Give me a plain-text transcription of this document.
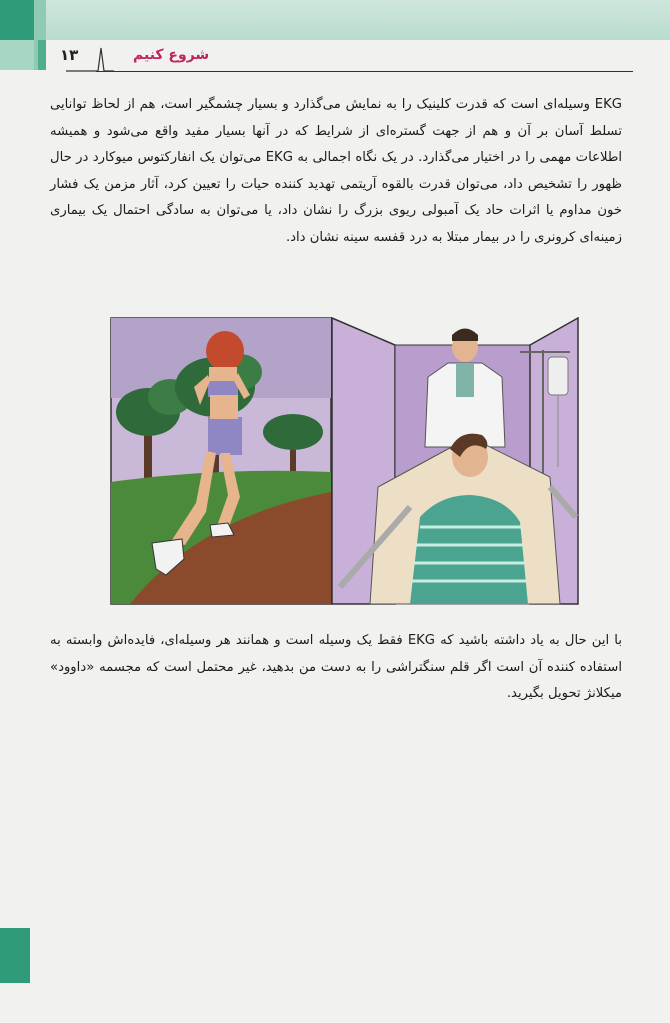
۱۳	شروع کنیم

EKG وسیله‌ای است که قدرت کلینیک را به نمایش می‌گذارد و بسیار چشمگیر است، هم از لحاظ توانایی تسلط آسان بر آن و هم از جهت گستره‌ای از شرایط که در آنها بسیار مفید واقع می‌شود و همیشه اطلاعات مهمی را در اختیار می‌گذارد. در یک نگاه اجمالی به EKG می‌توان یک انفارکتوس میوکارد در حال ظهور را تشخیص داد، می‌توان قدرت بالقوه آریتمی تهدید کننده حیات را تعیین کرد، آثار مزمن یک فشار خون مداوم یا اثرات حاد یک آمبولی ریوی بزرگ را نشان داد، یا می‌توان به سادگی احتمال یک بیماری زمینه‌ای کرونری را در بیمار مبتلا به درد قفسه سینه نشان داد.

با این حال به یاد داشته باشید که EKG فقط یک وسیله است و همانند هر وسیله‌ای، فایده‌اش وابسته به استفاده کننده آن است اگر قلم سنگتراشی را به دست من بدهید، غیر محتمل است که مجسمه «داوود» میکلانژ تحویل بگیرید.
